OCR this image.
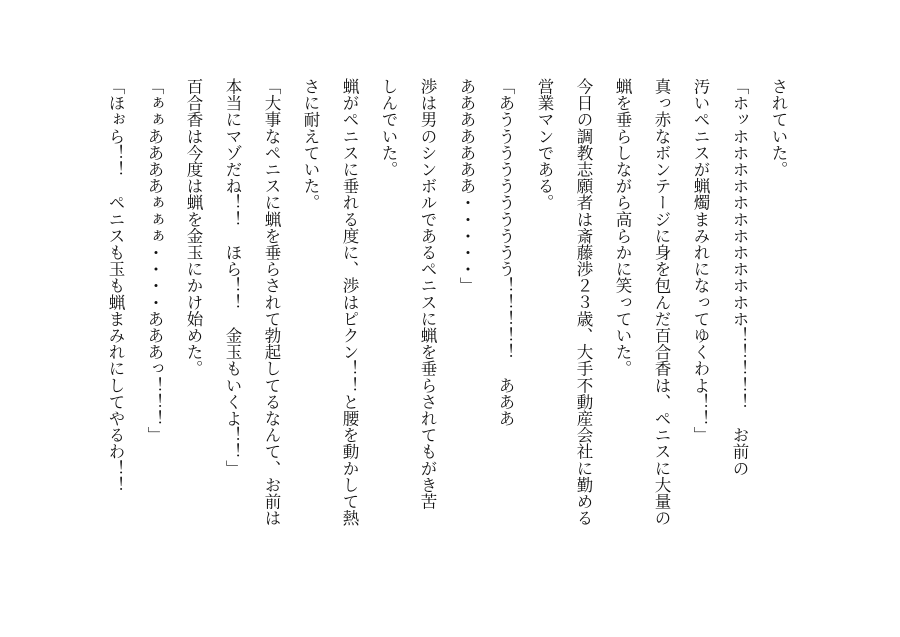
されていた。
「ホッホホホホホホホホホホホホ！！！！！　お前の
汚いペニスが蝋燭まみれになってゆくわよ！！」
真っ赤なボンテージに身を包んだ百合香は、ペニスに大量の
蝋を垂らしながら高らかに笑っていた。
今日の調教志願者は斎藤渉２３歳、大手不動産会社に勤める
営業マンである。
「あうううううううううう！！！！！　あああ
あああああああ・・・・・」
渉は男のシンボルであるペニスに蝋を垂らされてもがき苦
しんでいた。
蝋がペニスに垂れる度に、渉はピクン！！と腰を動かして熱
さに耐えていた。
「大事なペニスに蝋を垂らされて勃起してるなんて、お前は
本当にマゾだね！！　ほら！！　金玉もいくよ！！」
百合香は今度は蝋を金玉にかけ始めた。
「ぁぁああああぁぁぁ・・・・あああっ！！！」
「ほぉら！！　ペニスも玉も蝋まみれにしてやるわ！！
